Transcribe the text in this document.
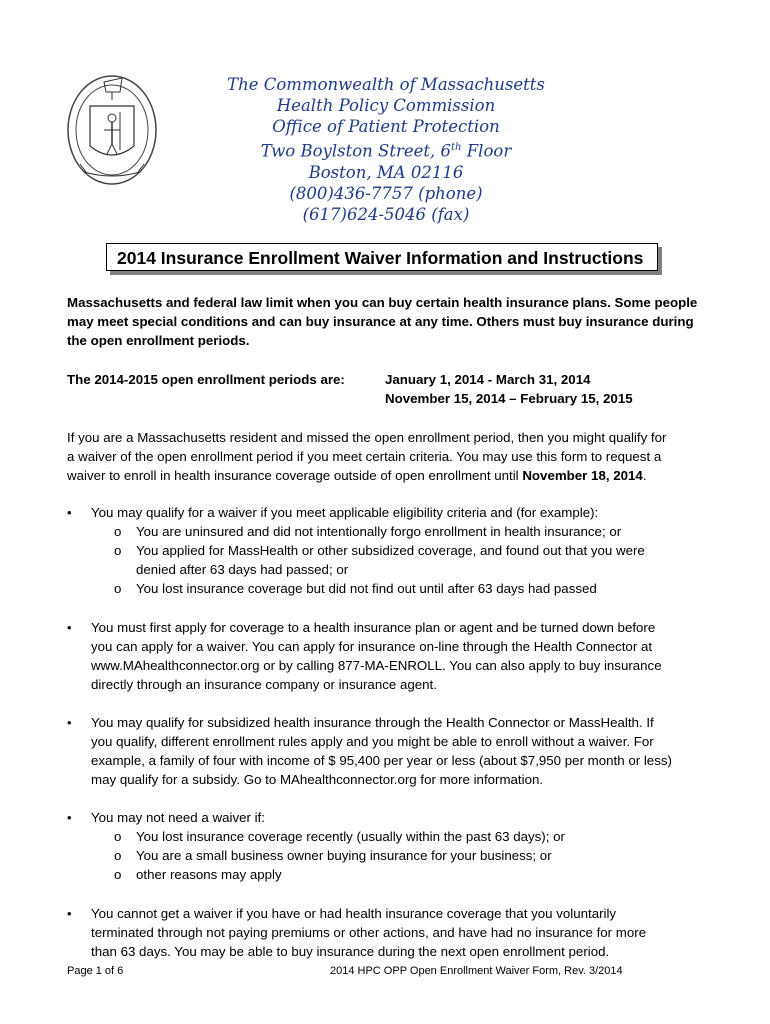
The Commonwealth of Massachusetts
Health Policy Commission
Office of Patient Protection
Two Boylston Street, 6th Floor
Boston, MA 02116
(800)436-7757 (phone)
(617)624-5046 (fax)
2014 Insurance Enrollment Waiver Information and Instructions
Massachusetts and federal law limit when you can buy certain health insurance plans. Some people
may meet special conditions and can buy insurance at any time. Others must buy insurance during
the open enrollment periods.
The 2014-2015 open enrollment periods are:	January 1, 2014 - March 31, 2014
November 15, 2014 – February 15, 2015
If you are a Massachusetts resident and missed the open enrollment period, then you might qualify for
a waiver of the open enrollment period if you meet certain criteria. You may use this form to request a
waiver to enroll in health insurance coverage outside of open enrollment until November 18, 2014.
• You may qualify for a waiver if you meet applicable eligibility criteria and (for example):
o You are uninsured and did not intentionally forgo enrollment in health insurance; or
o You applied for MassHealth or other subsidized coverage, and found out that you were
denied after 63 days had passed; or
o You lost insurance coverage but did not find out until after 63 days had passed
• You must first apply for coverage to a health insurance plan or agent and be turned down before
you can apply for a waiver. You can apply for insurance on-line through the Health Connector at
www.MAhealthconnector.org or by calling 877-MA-ENROLL. You can also apply to buy insurance
directly through an insurance company or insurance agent.
• You may qualify for subsidized health insurance through the Health Connector or MassHealth. If
you qualify, different enrollment rules apply and you might be able to enroll without a waiver. For
example, a family of four with income of $ 95,400 per year or less (about $7,950 per month or less)
may qualify for a subsidy. Go to MAhealthconnector.org for more information.
• You may not need a waiver if:
o You lost insurance coverage recently (usually within the past 63 days); or
o You are a small business owner buying insurance for your business; or
o other reasons may apply
• You cannot get a waiver if you have or had health insurance coverage that you voluntarily
terminated through not paying premiums or other actions, and have had no insurance for more
than 63 days. You may be able to buy insurance during the next open enrollment period.
Page 1 of 6	2014 HPC OPP Open Enrollment Waiver Form, Rev. 3/2014
